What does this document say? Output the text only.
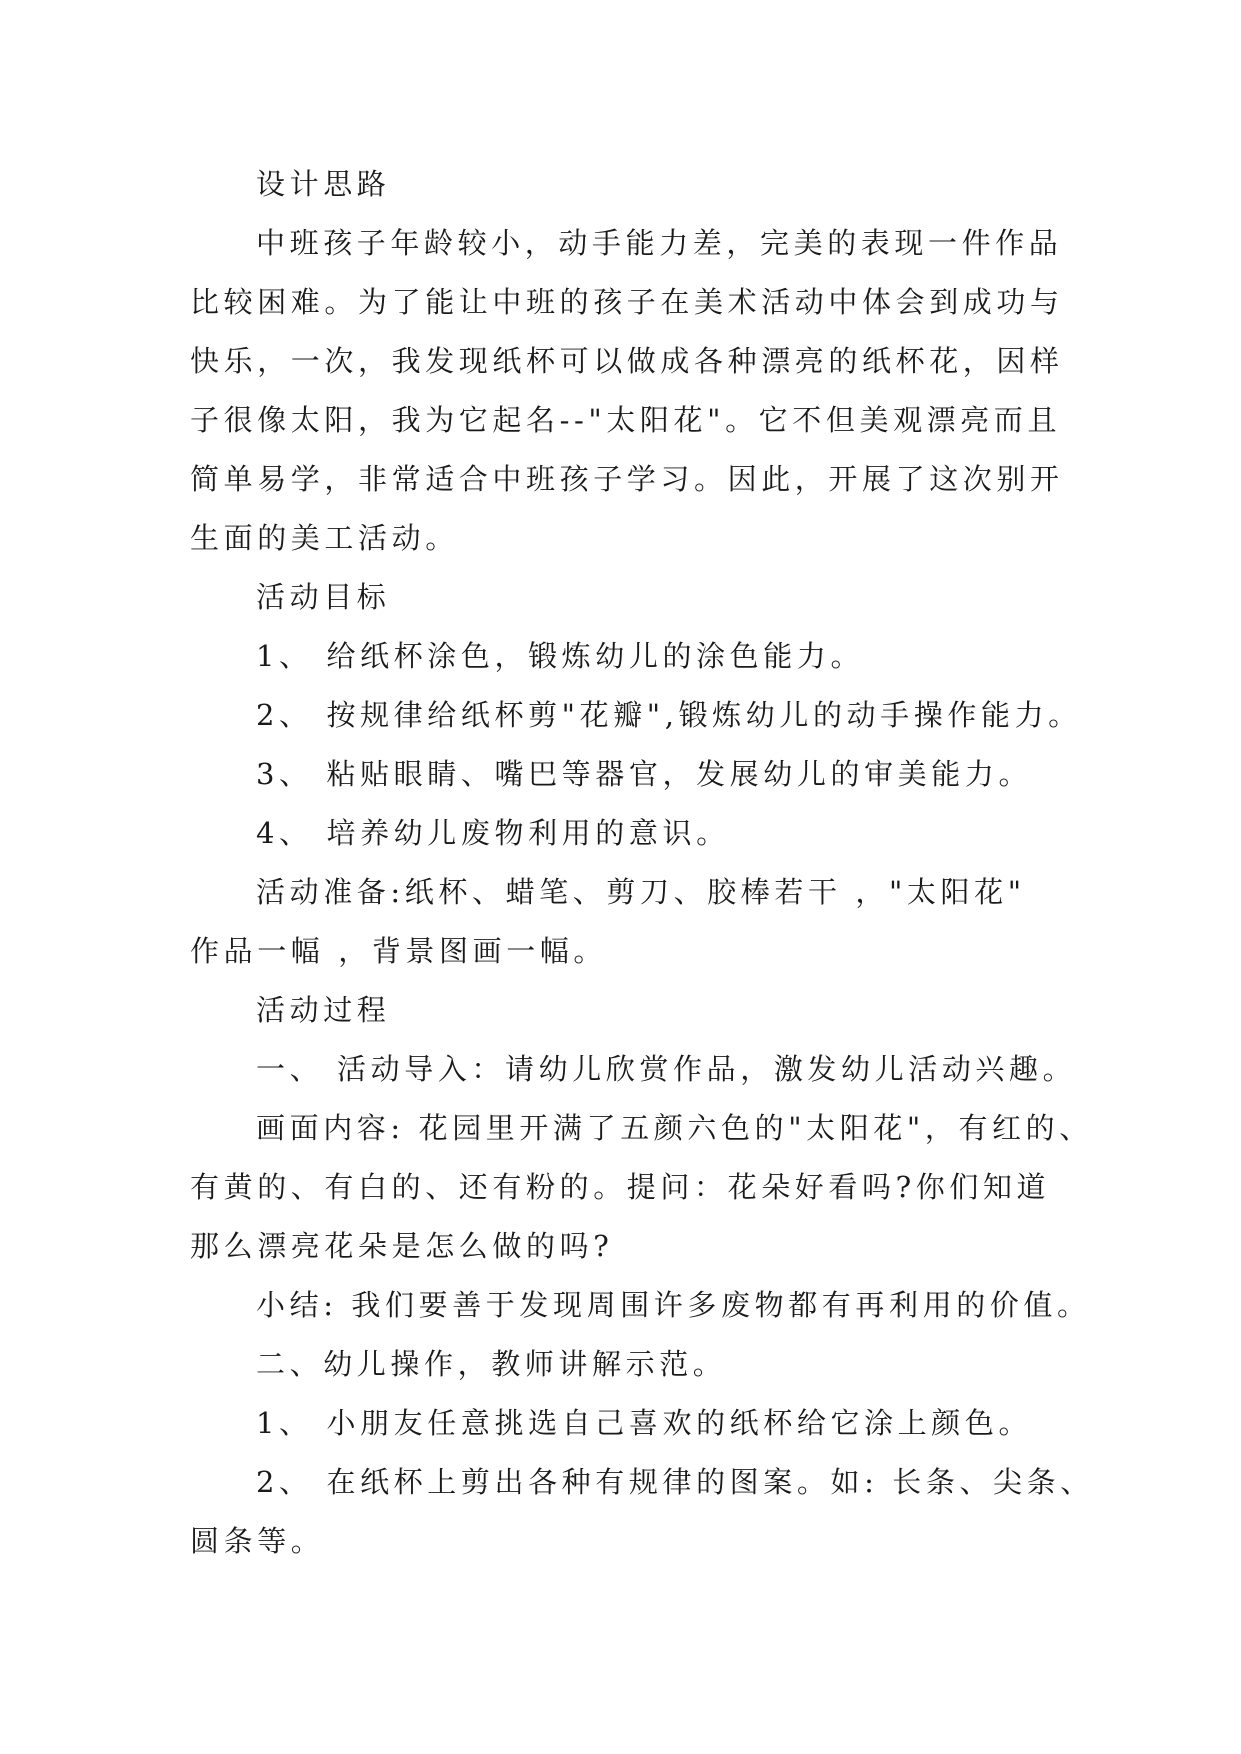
设计思路
中班孩子年龄较小，动手能力差，完美的表现一件作品
比较困难。为了能让中班的孩子在美术活动中体会到成功与
快乐，一次，我发现纸杯可以做成各种漂亮的纸杯花，因样
子很像太阳，我为它起名--"太阳花"。它不但美观漂亮而且
简单易学，非常适合中班孩子学习。因此，开展了这次别开
生面的美工活动。
活动目标
1、 给纸杯涂色，锻炼幼儿的涂色能力。
2、 按规律给纸杯剪"花瓣",锻炼幼儿的动手操作能力。
3、 粘贴眼睛、嘴巴等器官，发展幼儿的审美能力。
4、 培养幼儿废物利用的意识。
活动准备:纸杯、蜡笔、剪刀、胶棒若干 ，"太阳花"
作品一幅 ，背景图画一幅。
活动过程
一、 活动导入：请幼儿欣赏作品，激发幼儿活动兴趣。
画面内容: 花园里开满了五颜六色的"太阳花"，有红的、
有黄的、有白的、还有粉的。提问：花朵好看吗?你们知道
那么漂亮花朵是怎么做的吗?
小结: 我们要善于发现周围许多废物都有再利用的价值。
二、幼儿操作，教师讲解示范。
1、 小朋友任意挑选自己喜欢的纸杯给它涂上颜色。
2、 在纸杯上剪出各种有规律的图案。如: 长条、尖条、
圆条等。
